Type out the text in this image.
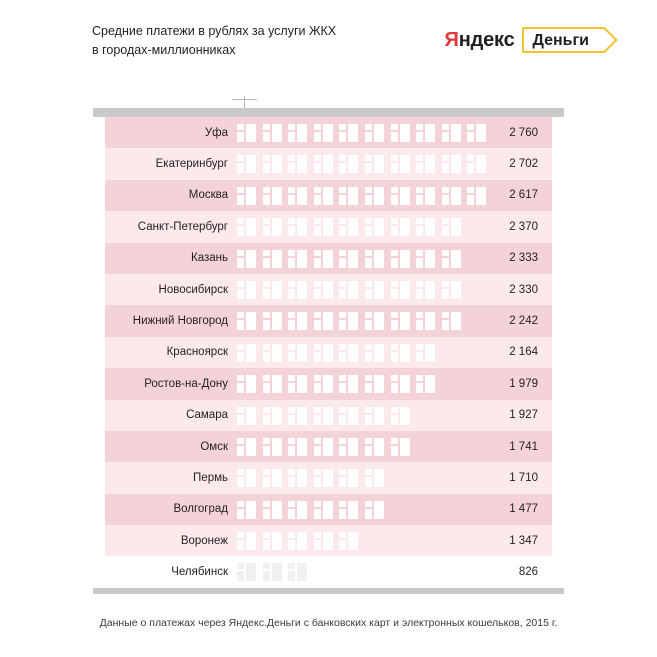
Средние платежи в рублях за услуги ЖКХ
в городах-миллионниках	Яндекс	Деньги
Уфа	2 760
Екатеринбург	2 702
Москва	2 617
Санкт-Петербург	2 370
Казань	2 333
Новосибирск	2 330
Нижний Новгород	2 242
Красноярск	2 164
Ростов-на-Дону	1 979
Самара	1 927
Омск	1 741
Пермь	1 710
Волгоград	1 477
Воронеж	1 347
Челябинск	826
Данные о платежах через Яндекс.Деньги с банковских карт и электронных кошельков, 2015 г.
